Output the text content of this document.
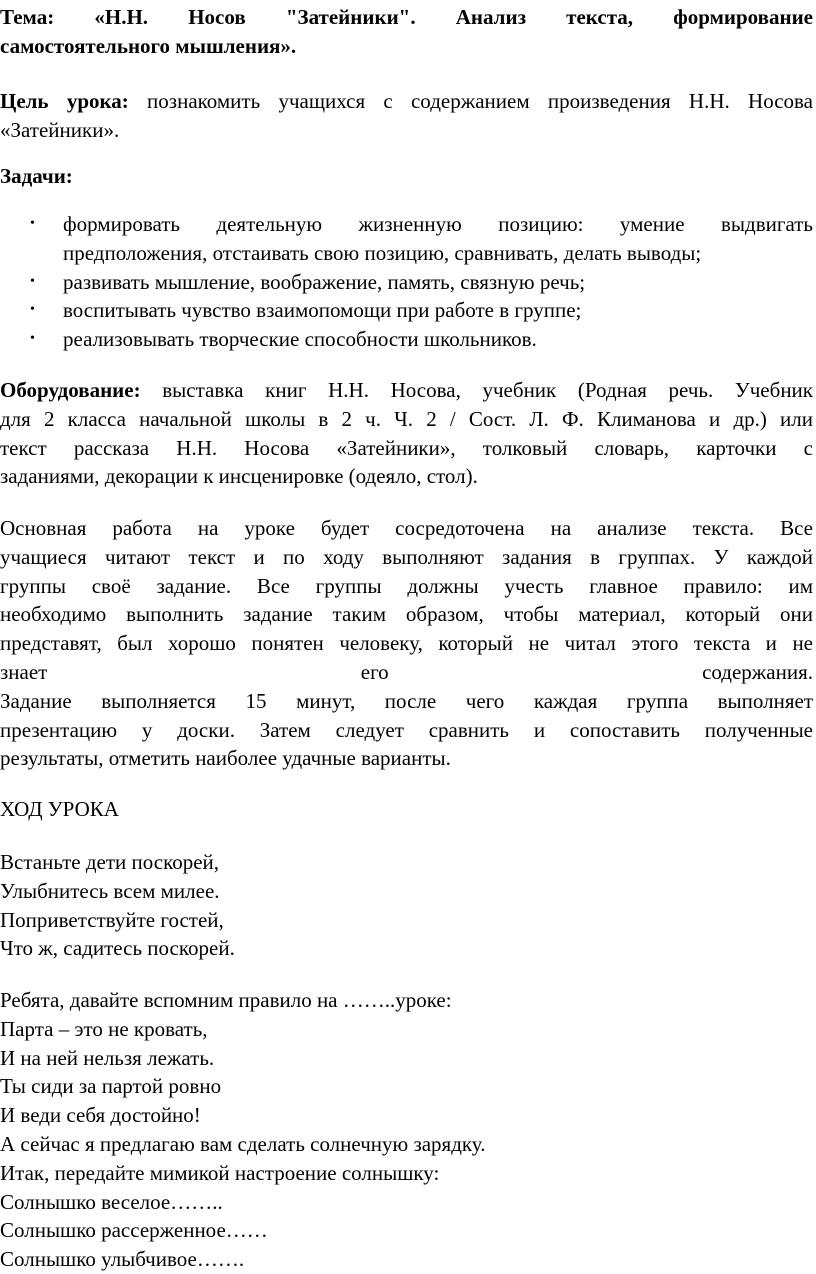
Тема: «Н.Н. Носов "Затейники". Анализ текста, формирование
самостоятельного мышления».
Цель урока: познакомить учащихся с содержанием произведения Н.Н. Носова
«Затейники».
Задачи:
• формировать деятельную жизненную позицию: умение выдвигать
предположения, отстаивать свою позицию, сравнивать, делать выводы;
• развивать мышление, воображение, память, связную речь;
• воспитывать чувство взаимопомощи при работе в группе;
• реализовывать творческие способности школьников.
Оборудование: выставка книг Н.Н. Носова, учебник (Родная речь. Учебник
для 2 класса начальной школы в 2 ч. Ч. 2 / Сост. Л. Ф. Климанова и др.) или
текст рассказа Н.Н. Носова «Затейники», толковый словарь, карточки с
заданиями, декорации к инсценировке (одеяло, стол).
Основная работа на уроке будет сосредоточена на анализе текста. Все
учащиеся читают текст и по ходу выполняют задания в группах. У каждой
группы своё задание. Все группы должны учесть главное правило: им
необходимо выполнить задание таким образом, чтобы материал, который они
представят, был хорошо понятен человеку, который не читал этого текста и не
знает	его	содержания.
Задание выполняется 15 минут, после чего каждая группа выполняет
презентацию у доски. Затем следует сравнить и сопоставить полученные
результаты, отметить наиболее удачные варианты.
ХОД УРОКА
Встаньте дети поскорей,
Улыбнитесь всем милее.
Поприветствуйте гостей,
Что ж, садитесь поскорей.
Ребята, давайте вспомним правило на ……..уроке:
Парта – это не кровать,
И на ней нельзя лежать.
Ты сиди за партой ровно
И веди себя достойно!
А сейчас я предлагаю вам сделать солнечную зарядку.
Итак, передайте мимикой настроение солнышку:
Солнышко веселое……..
Солнышко рассерженное……
Солнышко улыбчивое…….
